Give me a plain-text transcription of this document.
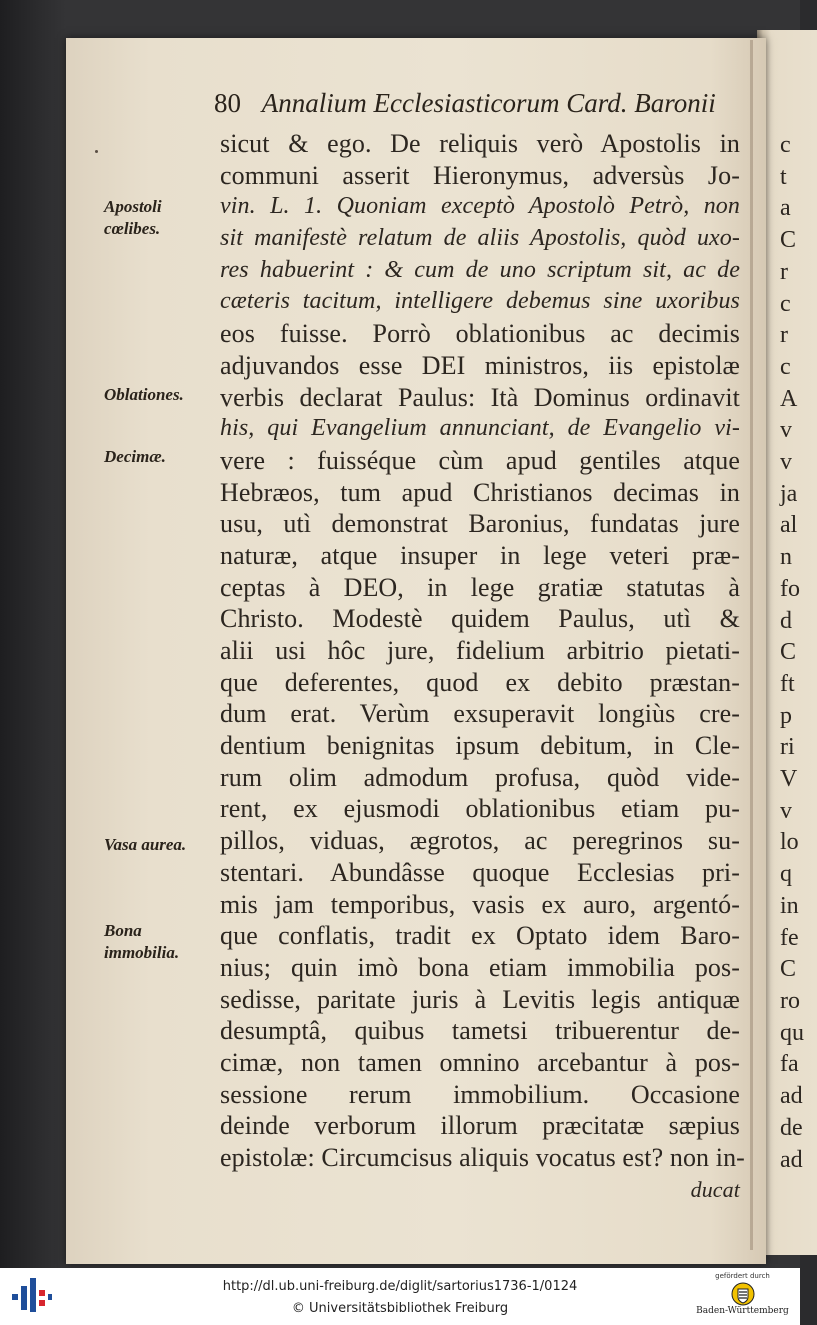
80 Annalium Ecclesiasticorum Card. Baronii
Apostoli cœlibes.
Oblationes.
Decimæ.
Vasa aurea.
Bona immobilia.
sicut & ego. De reliquis verò Apostolis in
communi asserit Hieronymus, adversùs Jo-
vin. L. 1. Quoniam exceptò Apostolò Petrò, non
sit manifestè relatum de aliis Apostolis, quòd uxo-
res habuerint : & cum de uno scriptum sit, ac de
cæteris tacitum, intelligere debemus sine uxoribus
eos fuisse. Porrò oblationibus ac decimis
adjuvandos esse DEI ministros, iis epistolæ
verbis declarat Paulus: Ità Dominus ordinavit
his, qui Evangelium annunciant, de Evangelio vi-
vere : fuisséque cùm apud gentiles atque
Hebræos, tum apud Christianos decimas in
usu, utì demonstrat Baronius, fundatas jure
naturæ, atque insuper in lege veteri præ-
ceptas à DEO, in lege gratiæ statutas à
Christo. Modestè quidem Paulus, utì &
alii usi hôc jure, fidelium arbitrio pietati-
que deferentes, quod ex debito præstan-
dum erat. Verùm exsuperavit longiùs cre-
dentium benignitas ipsum debitum, in Cle-
rum olim admodum profusa, quòd vide-
rent, ex ejusmodi oblationibus etiam pu-
pillos, viduas, ægrotos, ac peregrinos su-
stentari. Abundâsse quoque Ecclesias pri-
mis jam temporibus, vasis ex auro, argentó-
que conflatis, tradit ex Optato idem Baro-
nius; quin imò bona etiam immobilia pos-
sedisse, paritate juris à Levitis legis antiquæ
desumptâ, quibus tametsi tribuerentur de-
cimæ, non tamen omnino arcebantur à pos-
sessione rerum immobilium. Occasione
deinde verborum illorum præcitatæ sæpius
epistolæ: Circumcisus aliquis vocatus est? non in-
ducat
c
t
a
C
r
c
r
c
A
v
v
ja
al
n
fo
d
C
ft
p
ri
V
v
lo
q
in
fe
C
ro
qu
fa
ad
de
ad
http://dl.ub.uni-freiburg.de/diglit/sartorius1736-1/0124
© Universitätsbibliothek Freiburg
gefördert durch
Baden-Württemberg
